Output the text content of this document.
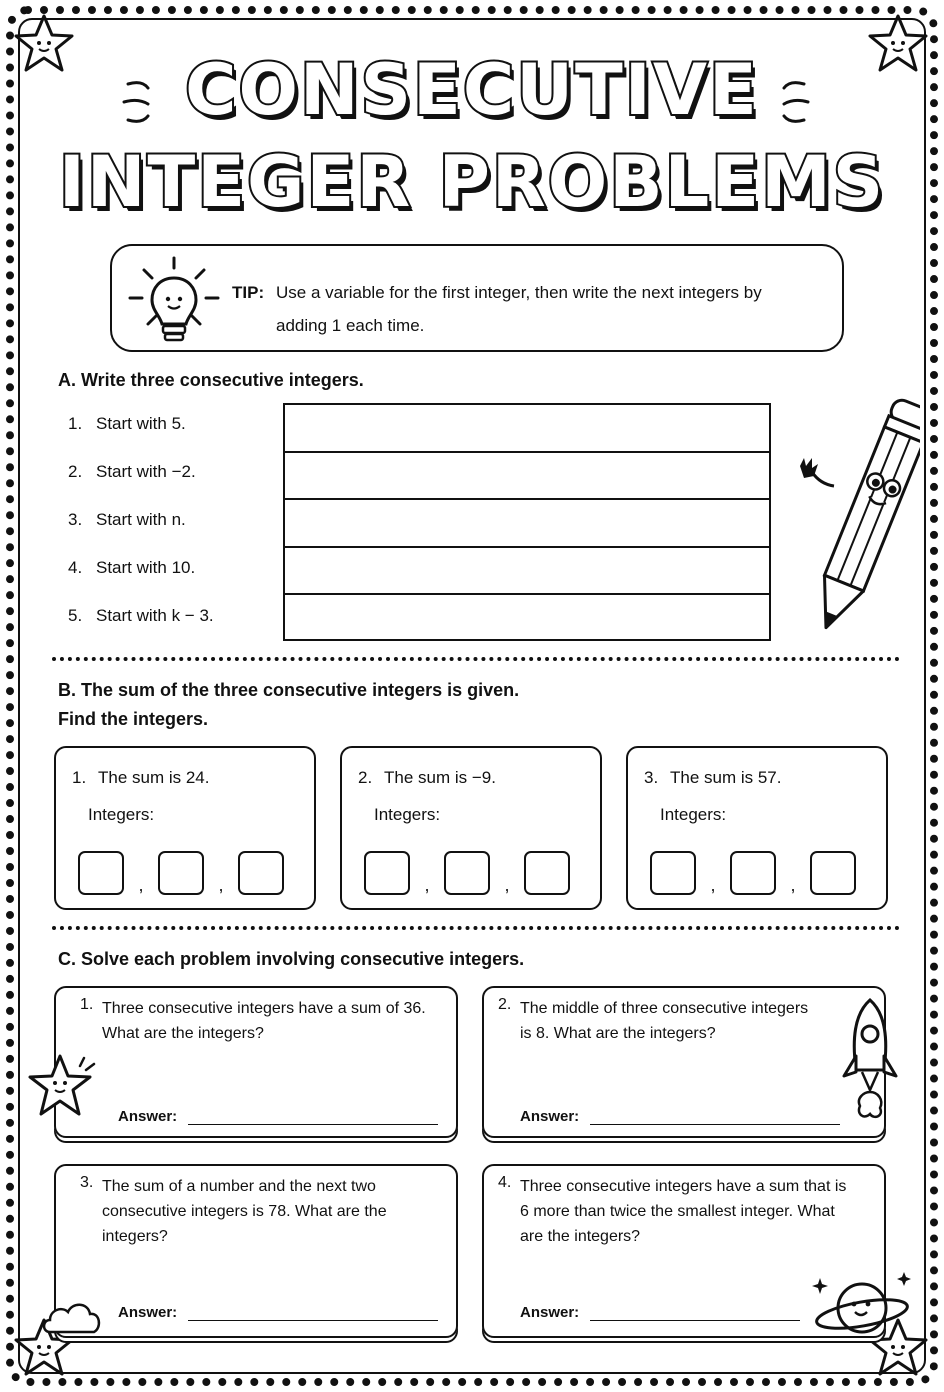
CONSECUTIVE
INTEGER PROBLEMS
TIP: Use a variable for the first integer, then write the next integers by adding 1 each time.
A. Write three consecutive integers.
1. Start with 5.
2. Start with −2.
3. Start with n.
4. Start with 10.
5. Start with k − 3.
B. The sum of the three consecutive integers is given.
Find the integers.
1. The sum is 24.
Integers:
,	,
2. The sum is −9.
Integers:
,	,
3. The sum is 57.
Integers:
,	,
C. Solve each problem involving consecutive integers.
1. Three consecutive integers have a sum of 36. What are the integers?
Answer:
2. The middle of three consecutive integers is 8. What are the integers?
Answer:
3. The sum of a number and the next two consecutive integers is 78. What are the integers?
Answer:
4. Three consecutive integers have a sum that is 6 more than twice the smallest integer. What are the integers?
Answer:
